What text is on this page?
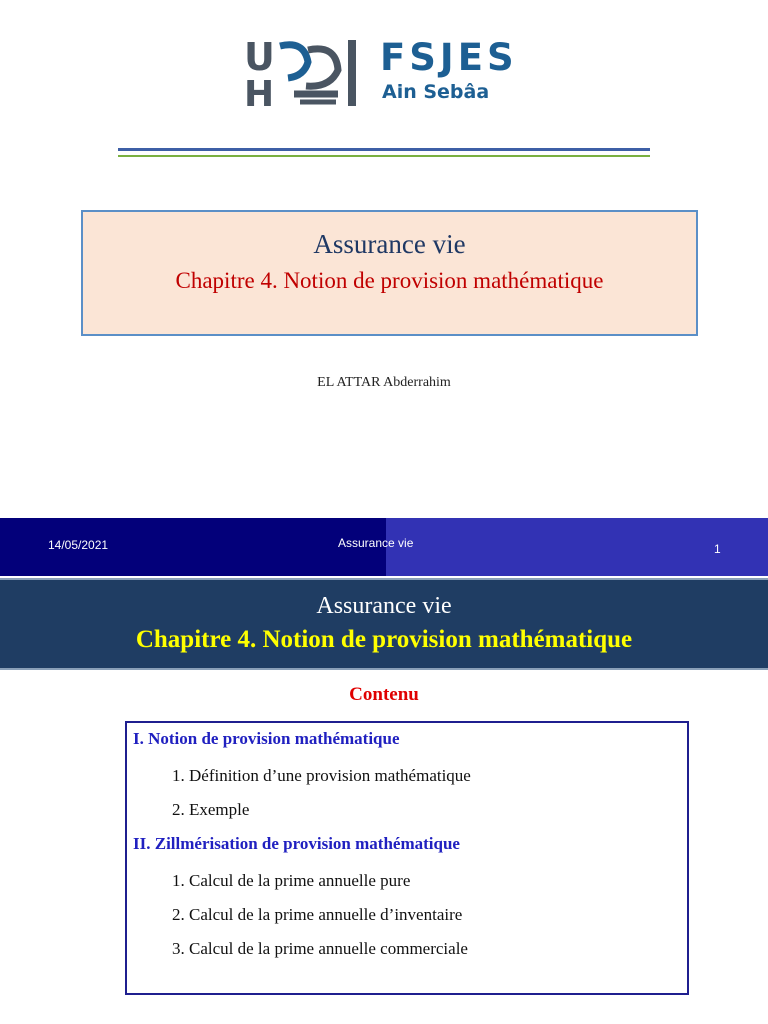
U
H
FSJES
Ain Sebâa
Assurance vie
Chapitre 4. Notion de provision mathématique
EL ATTAR Abderrahim
14/05/2021	Assurance vie	1
Assurance vie
Chapitre 4. Notion de provision mathématique
Contenu
I. Notion de provision mathématique
1. Définition d’une provision mathématique
2. Exemple
II. Zillmérisation de provision mathématique
1. Calcul de la prime annuelle pure
2. Calcul de la prime annuelle d’inventaire
3. Calcul de la prime annuelle commerciale
